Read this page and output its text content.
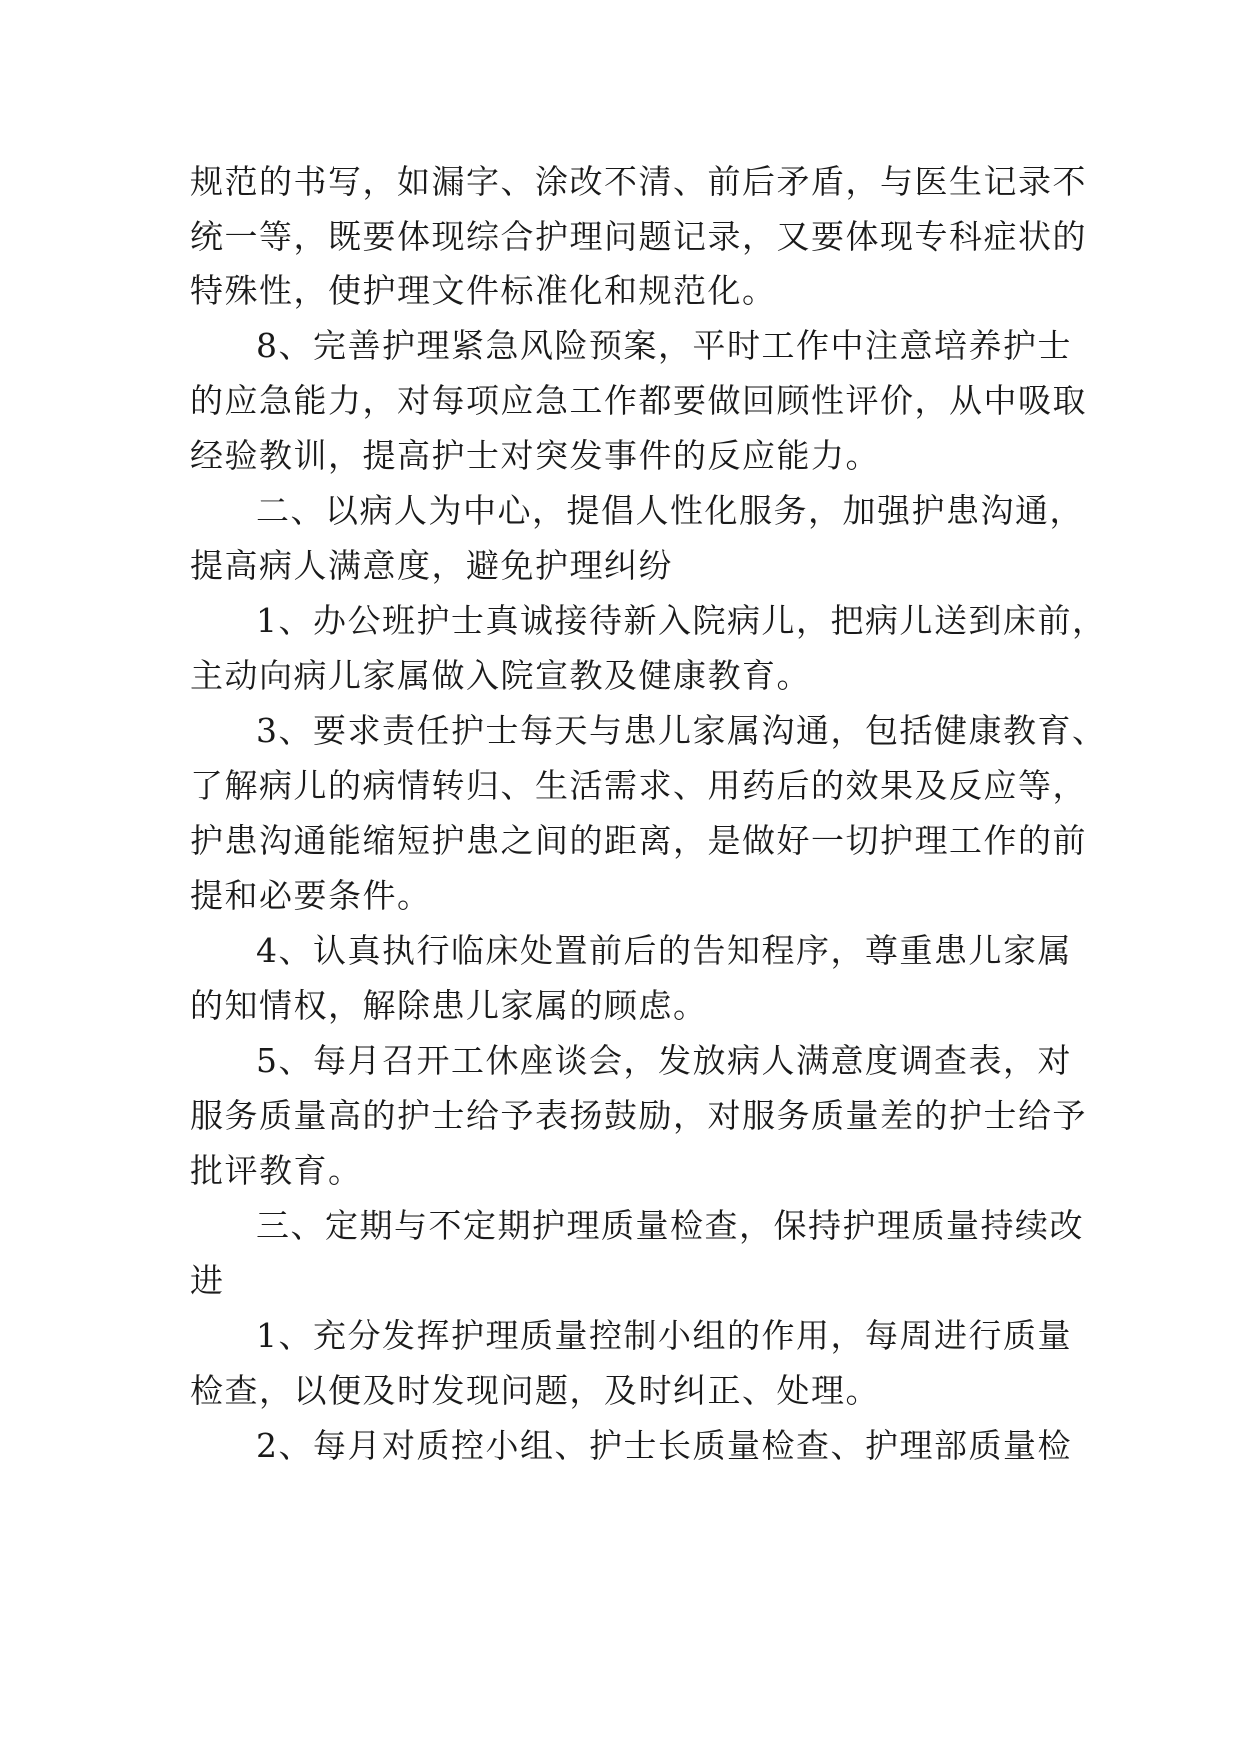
规范的书写，如漏字、涂改不清、前后矛盾，与医生记录不
统一等，既要体现综合护理问题记录，又要体现专科症状的
特殊性，使护理文件标准化和规范化。
8、完善护理紧急风险预案，平时工作中注意培养护士
的应急能力，对每项应急工作都要做回顾性评价，从中吸取
经验教训，提高护士对突发事件的反应能力。
二、以病人为中心，提倡人性化服务，加强护患沟通，
提高病人满意度，避免护理纠纷
1、办公班护士真诚接待新入院病儿，把病儿送到床前，
主动向病儿家属做入院宣教及健康教育。
3、要求责任护士每天与患儿家属沟通，包括健康教育、
了解病儿的病情转归、生活需求、用药后的效果及反应等，
护患沟通能缩短护患之间的距离，是做好一切护理工作的前
提和必要条件。
4、认真执行临床处置前后的告知程序，尊重患儿家属
的知情权，解除患儿家属的顾虑。
5、每月召开工休座谈会，发放病人满意度调查表，对
服务质量高的护士给予表扬鼓励，对服务质量差的护士给予
批评教育。
三、定期与不定期护理质量检查，保持护理质量持续改
进
1、充分发挥护理质量控制小组的作用，每周进行质量
检查，以便及时发现问题，及时纠正、处理。
2、每月对质控小组、护士长质量检查、护理部质量检
